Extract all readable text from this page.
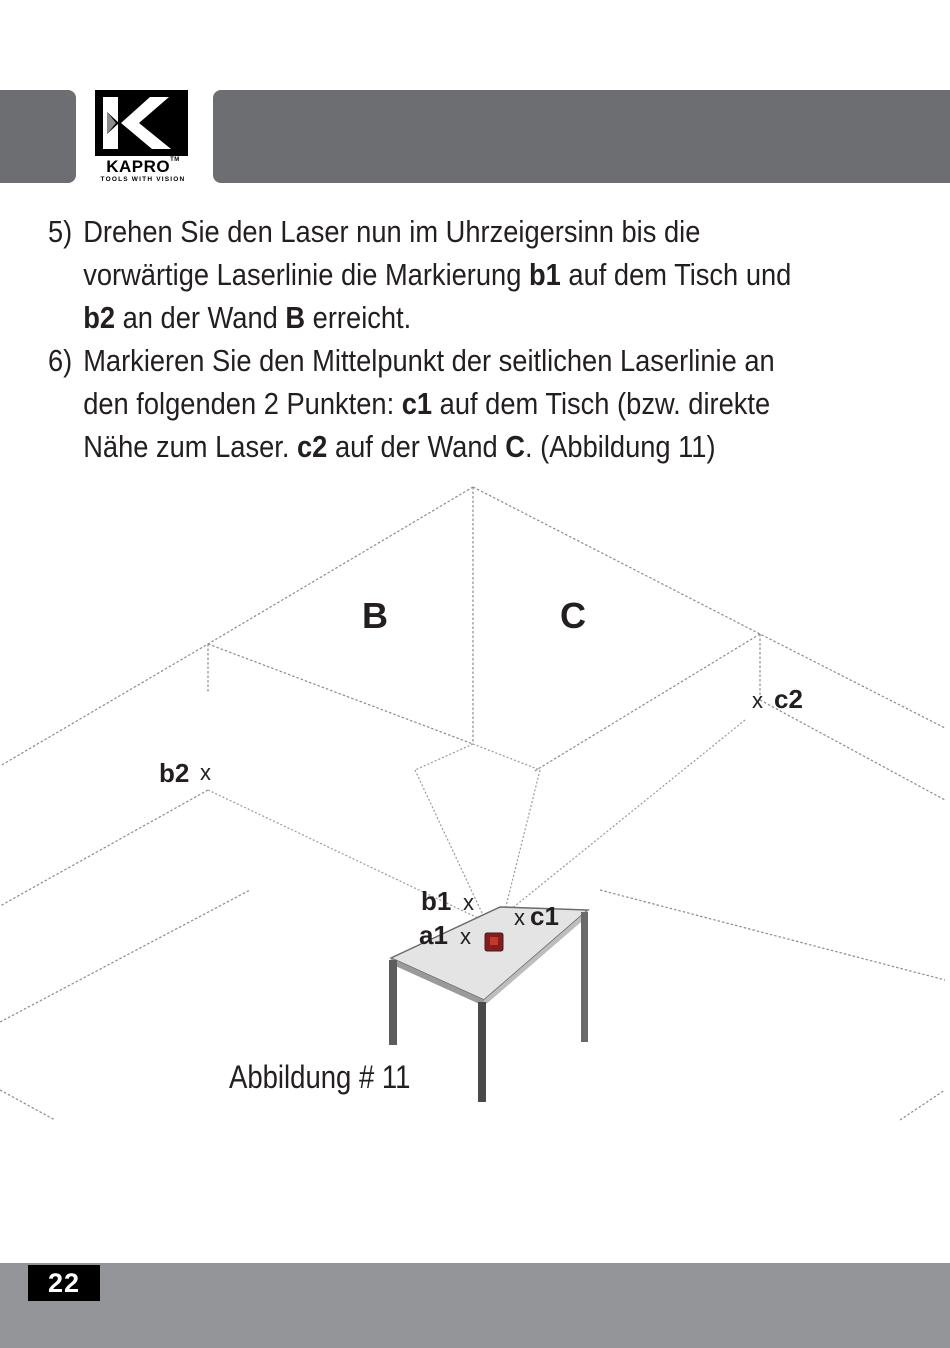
KAPRO™
TOOLS WITH VISION
5) Drehen Sie den Laser nun im Uhrzeigersinn bis die vorwärtige Laserlinie die Markierung b1 auf dem Tisch und b2 an der Wand B erreicht.
6) Markieren Sie den Mittelpunkt der seitlichen Laserlinie an den folgenden 2 Punkten: c1 auf dem Tisch (bzw. direkte Nähe zum Laser. c2 auf der Wand C. (Abbildung 11)
B	C
x c2
b2 x
b1 x
x c1
a1 x
Abbildung # 11
22
